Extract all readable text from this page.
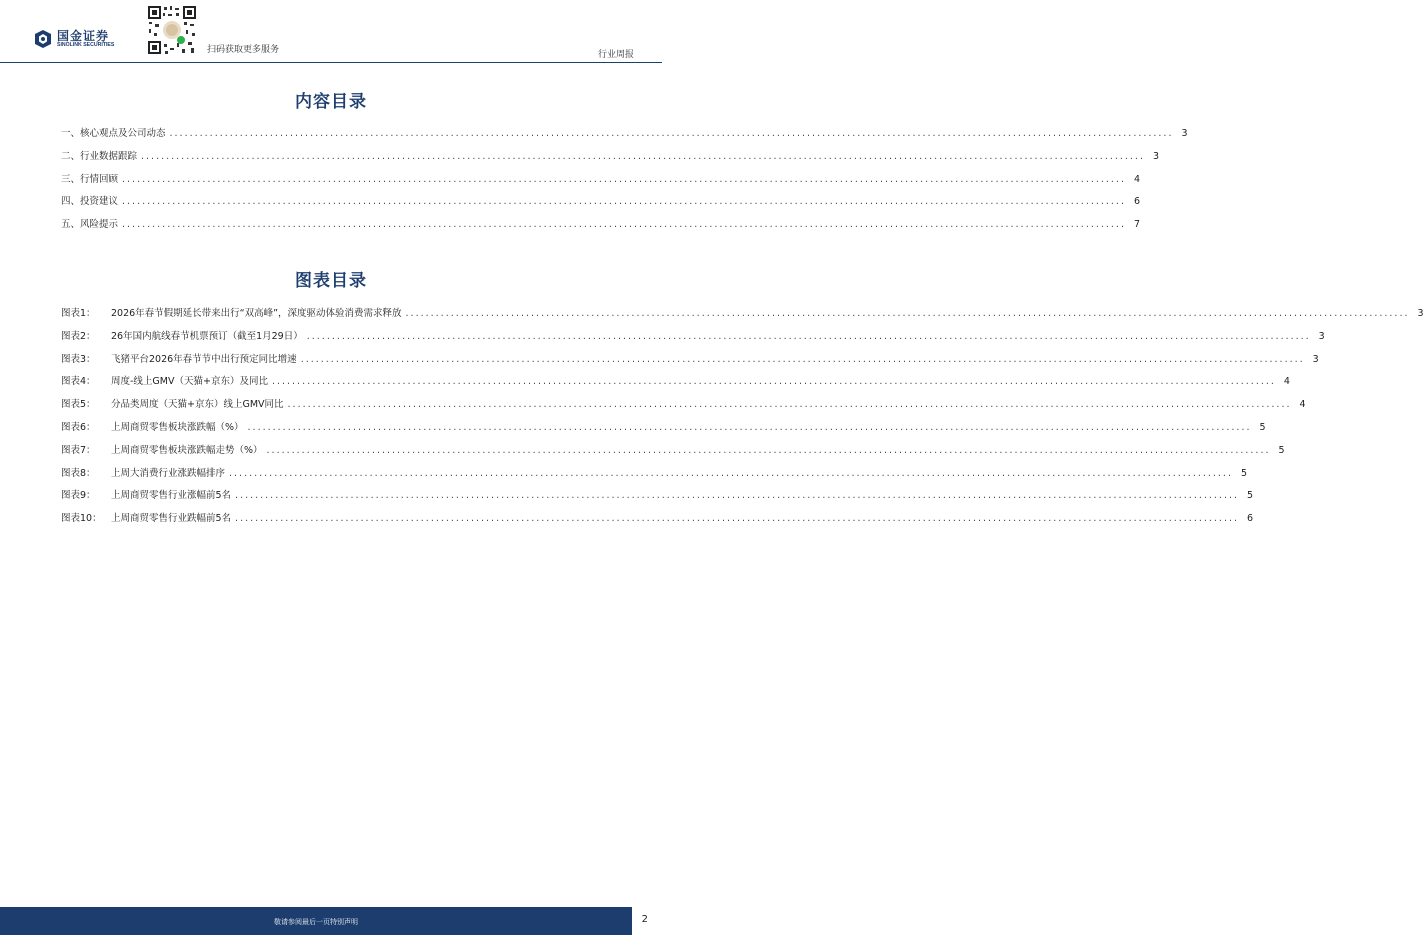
国金证券
SINOLINK SECURITIES	扫码获取更多服务	行业周报
内容目录
一、核心观点及公司动态 ........................................................................................................................................................................................................ 3
二、行业数据跟踪 ........................................................................................................................................................................................................ 3
三、行情回顾 ........................................................................................................................................................................................................ 4
四、投资建议 ........................................................................................................................................................................................................ 6
五、风险提示 ........................................................................................................................................................................................................ 7
图表目录
图表1：	2026年春节假期延长带来出行“双高峰”，深度驱动体验消费需求释放 ........................................................................................................................................................................................................ 3
图表2：	26年国内航线春节机票预订（截至1月29日） ........................................................................................................................................................................................................ 3
图表3：	飞猪平台2026年春节节中出行预定同比增速 ........................................................................................................................................................................................................ 3
图表4：	周度-线上GMV（天猫+京东）及同比 ........................................................................................................................................................................................................ 4
图表5：	分品类周度（天猫+京东）线上GMV同比 ........................................................................................................................................................................................................ 4
图表6：	上周商贸零售板块涨跌幅（%） ........................................................................................................................................................................................................ 5
图表7：	上周商贸零售板块涨跌幅走势（%） ........................................................................................................................................................................................................ 5
图表8：	上周大消费行业涨跌幅排序 ........................................................................................................................................................................................................ 5
图表9：	上周商贸零售行业涨幅前5名 ........................................................................................................................................................................................................ 5
图表10： 上周商贸零售行业跌幅前5名 ........................................................................................................................................................................................................ 6
敬请参阅最后一页特别声明	2
